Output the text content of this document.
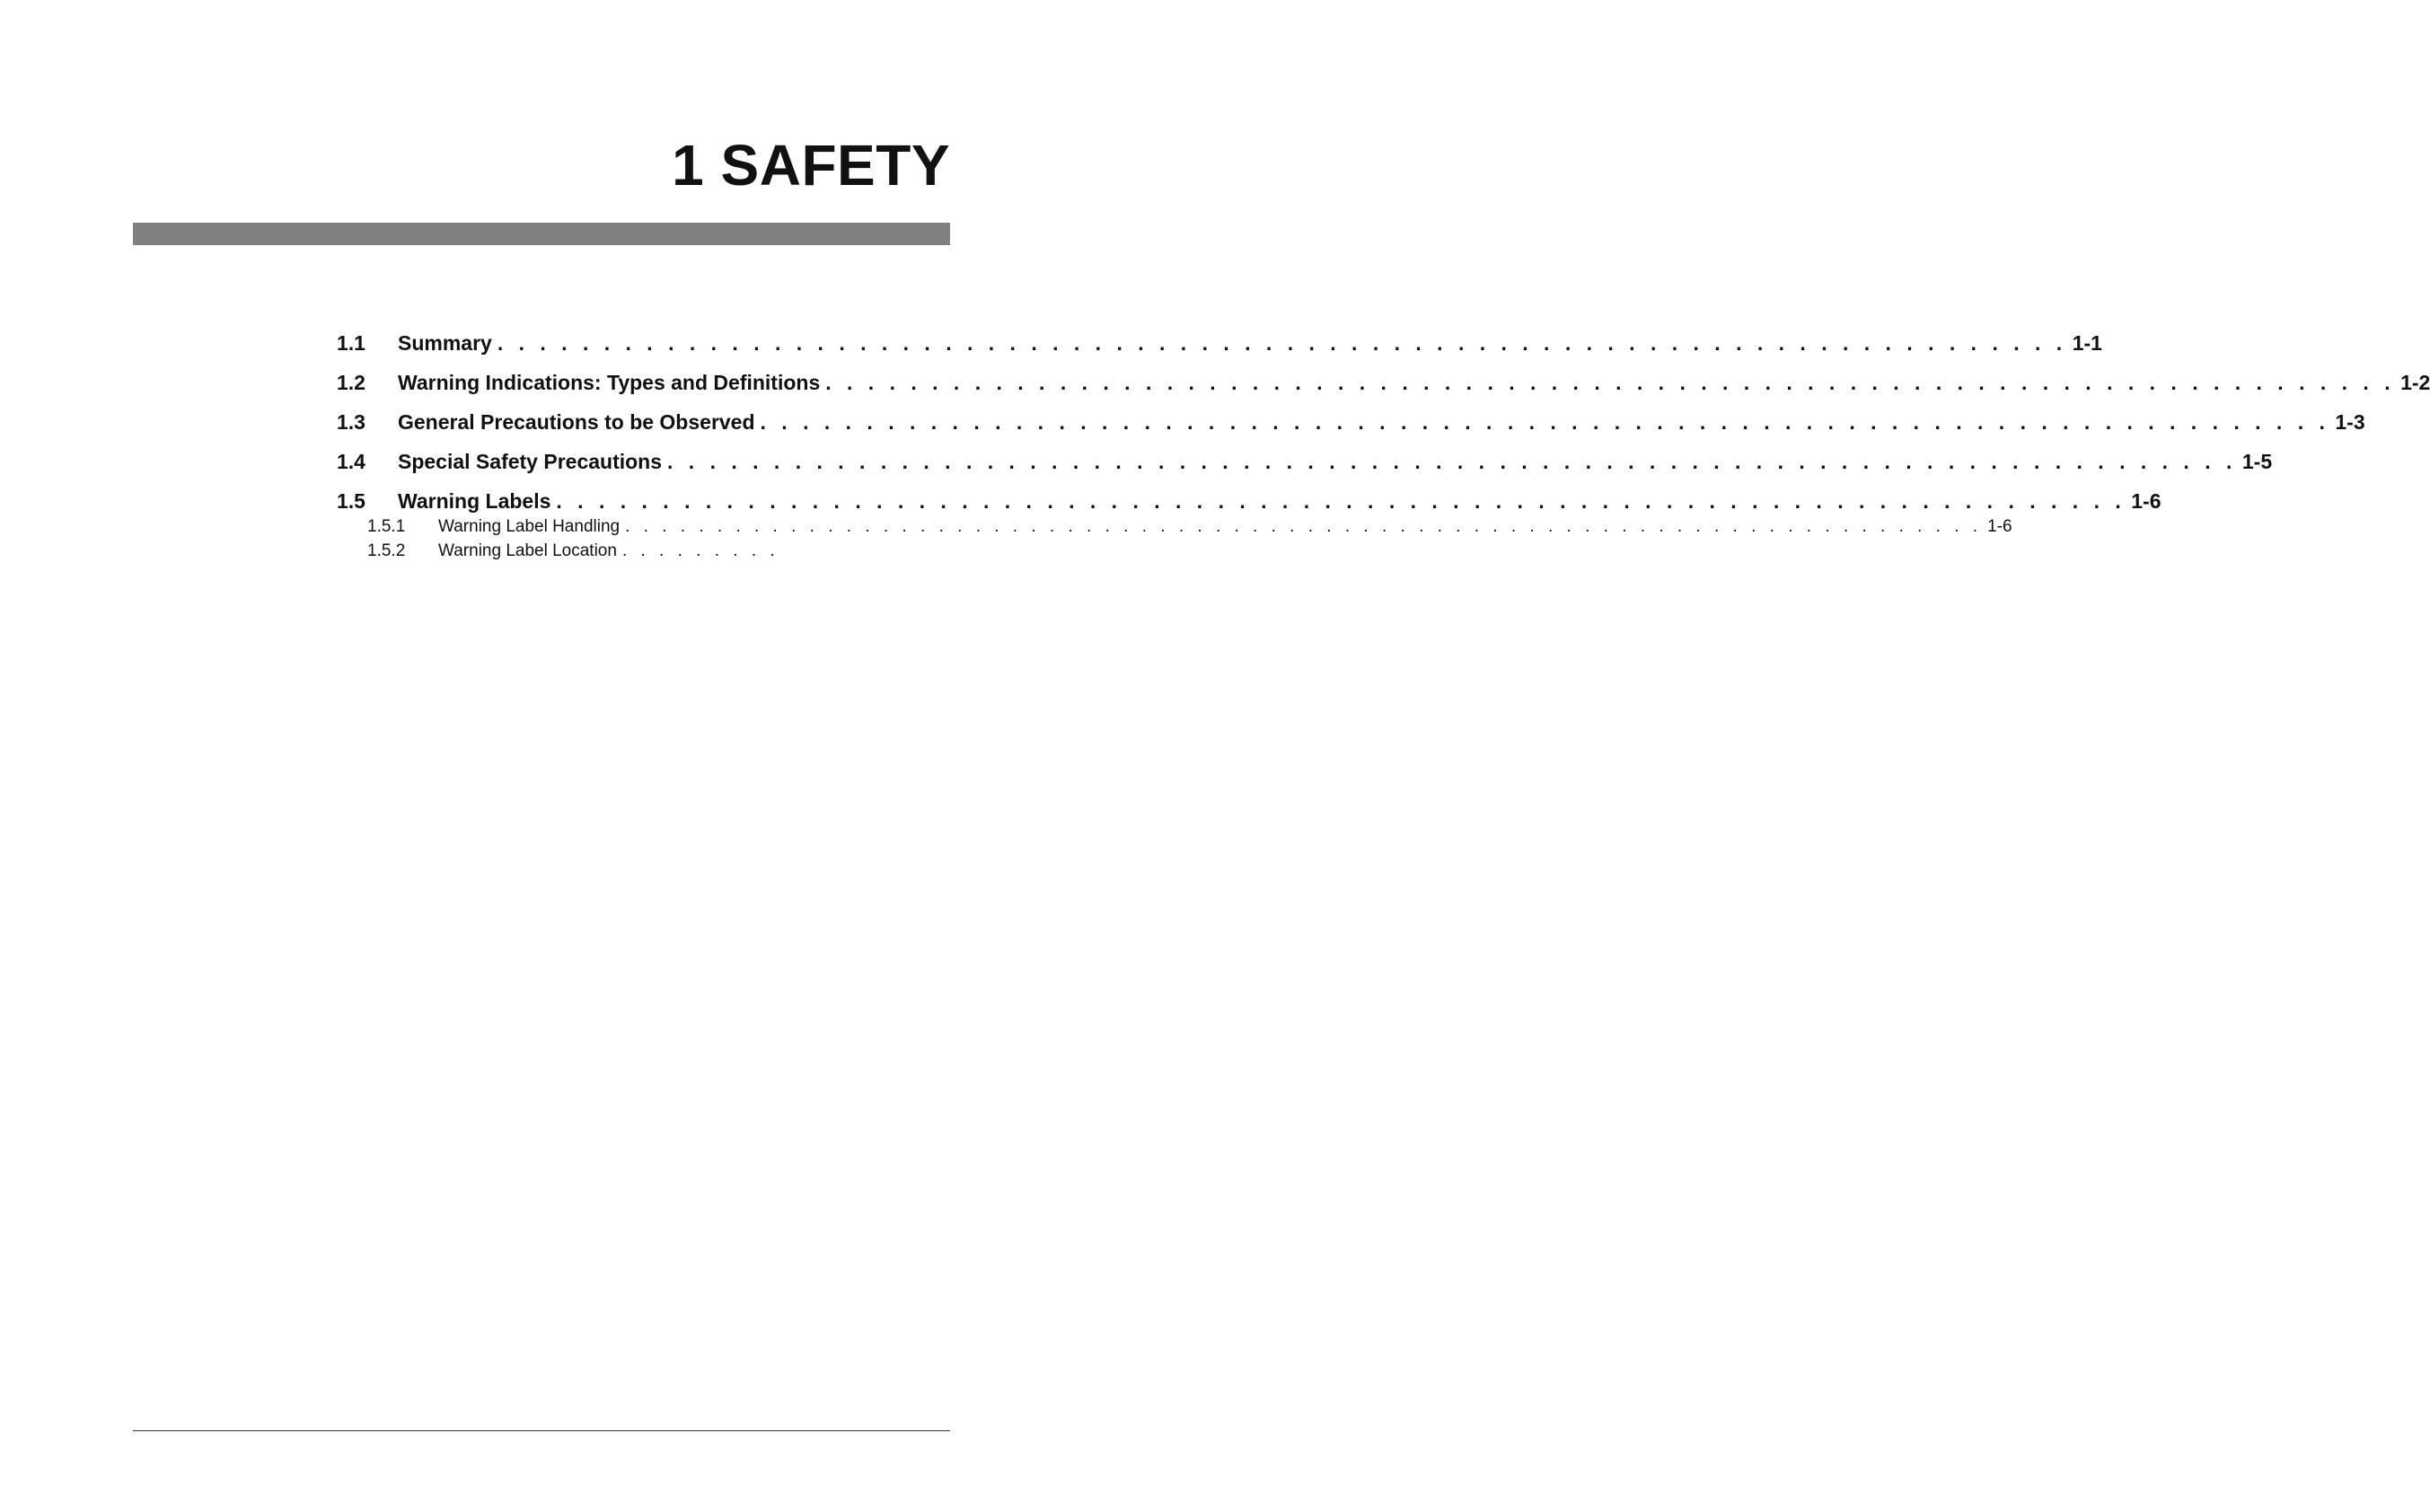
1 SAFETY
1.1	Summary . . . . . . . . . . . . . . . . . . . . . . . . . . . . . . . . . . . . . . . . . . . . . . . . . . . . . . . . . . . . . . . . . . . . . . . . . . 1-1
1.2	Warning Indications: Types and Definitions . . . . . . . . . . . . . . . . . . . . . . . . . . . . . . . . . . . . . . . . . . . . . . . . . . . . . . . . . . . . . . . . . . . . . . . . . . 1-2
1.3	General Precautions to be Observed . . . . . . . . . . . . . . . . . . . . . . . . . . . . . . . . . . . . . . . . . . . . . . . . . . . . . . . . . . . . . . . . . . . . . . . . . . 1-3
1.4	Special Safety Precautions . . . . . . . . . . . . . . . . . . . . . . . . . . . . . . . . . . . . . . . . . . . . . . . . . . . . . . . . . . . . . . . . . . . . . . . . . . 1-5
1.5	Warning Labels . . . . . . . . . . . . . . . . . . . . . . . . . . . . . . . . . . . . . . . . . . . . . . . . . . . . . . . . . . . . . . . . . . . . . . . . . . 1-6
1.5.1	Warning Label Handling . . . . . . . . . . . . . . . . . . . . . . . . . . . . . . . . . . . . . . . . . . . . . . . . . . . . . . . . . . . . . . . . . . . . . . . . . . 1-6
1.5.2	Warning Label Location . . . . . . . . .
